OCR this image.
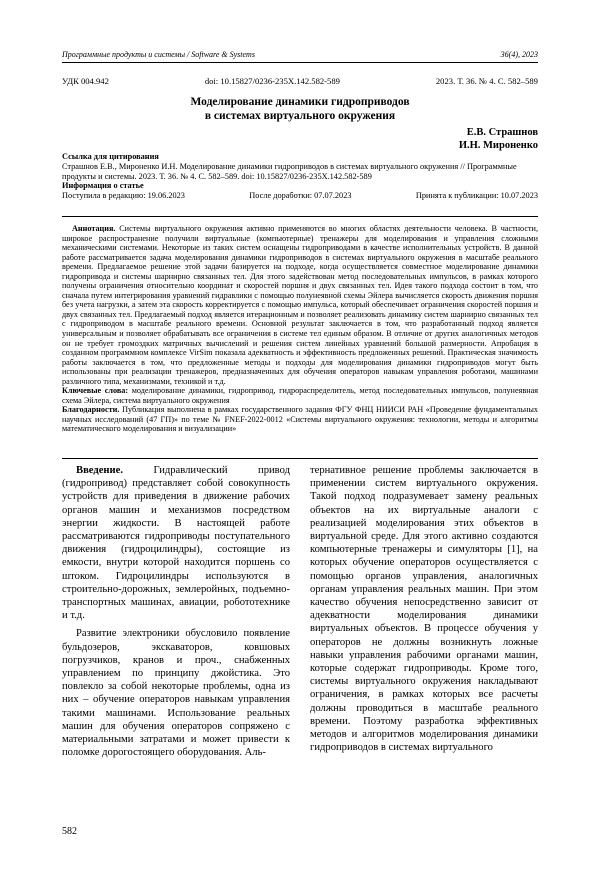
Программные продукты и системы / Software & Systems	36(4), 2023
УДК 004.942	doi: 10.15827/0236-235X.142.582-589	2023. Т. 36. № 4. С. 582–589
Моделирование динамики гидроприводов
в системах виртуального окружения
Е.В. Страшнов
И.Н. Мироненко
Ссылка для цитирования
Страшнов Е.В., Мироненко И.Н. Моделирование динамики гидроприводов в системах виртуального окружения // Программные продукты и системы. 2023. Т. 36. № 4. С. 582–589. doi: 10.15827/0236-235X.142.582-589
Информация о статье
Поступила в редакцию: 19.06.2023	После доработки: 07.07.2023	Принята к публикации: 10.07.2023

Аннотация. Системы виртуального окружения активно применяются во многих областях деятельности человека. В частности, широкое распространение получили виртуальные (компьютерные) тренажеры для моделирования и управления сложными механическими системами. Некоторые из таких систем оснащены гидроприводами в качестве исполнительных устройств. В данной работе рассматривается задача моделирования динамики гидроприводов в системах виртуального окружения в масштабе реального времени. Предлагаемое решение этой задачи базируется на подходе, когда осуществляется совместное моделирование динамики гидропривода и системы шарнирно связанных тел. Для этого задействован метод последовательных импульсов, в рамках которого получены ограничения относительно координат и скоростей поршня и двух связанных тел. Идея такого подхода состоит в том, что сначала путем интегрирования уравнений гидравлики с помощью полунеявной схемы Эйлера вычисляется скорость движения поршня без учета нагрузки, а затем эта скорость корректируется с помощью импульса, который обеспечивает ограничения скоростей поршня и двух связанных тел. Предлагаемый подход является итерационным и позволяет реализовать динамику систем шарнирно связанных тел с гидроприводом в масштабе реального времени. Основной результат заключается в том, что разработанный подход является универсальным и позволяет обрабатывать все ограничения в системе тел единым образом. В отличие от других аналогичных методов он не требует громоздких матричных вычислений и решения систем линейных уравнений большой размерности. Апробация в созданном программном комплексе VirSim показала адекватность и эффективность предложенных решений. Практическая значимость работы заключается в том, что предложенные методы и подходы для моделирования динамики гидроприводов могут быть использованы при реализации тренажеров, предназначенных для обучения операторов навыкам управления роботами, машинами различного типа, механизмами, техникой и т.д.

Ключевые слова: моделирование динамики, гидропривод, гидрораспределитель, метод последовательных импульсов, полунеявная схема Эйлера, система виртуального окружения

Благодарности. Публикация выполнена в рамках государственного задания ФГУ ФНЦ НИИСИ РАН «Проведение фундаментальных научных исследований (47 ГП)» по теме № FNEF-2022-0012 «Системы виртуального окружения: технологии, методы и алгоритмы математического моделирования и визуализации»

Введение. Гидравлический привод (гидропривод) представляет собой совокупность устройств для приведения в движение рабочих органов машин и механизмов посредством энергии жидкости. В настоящей работе рассматриваются гидроприводы поступательного движения (гидроцилиндры), состоящие из емкости, внутри которой находится поршень со штоком. Гидроцилиндры используются в строительно-дорожных, землеройных, подъемно-транспортных машинах, авиации, робототехнике и т.д.

Развитие электроники обусловило появление бульдозеров, экскаваторов, ковшовых погрузчиков, кранов и проч., снабженных управлением по принципу джойстика. Это повлекло за собой некоторые проблемы, одна из них – обучение операторов навыкам управления такими машинами. Использование реальных машин для обучения операторов сопряжено с материальными затратами и может привести к поломке дорогостоящего оборудования. Аль-

тернативное решение проблемы заключается в применении систем виртуального окружения. Такой подход подразумевает замену реальных объектов на их виртуальные аналоги с реализацией моделирования этих объектов в виртуальной среде. Для этого активно создаются компьютерные тренажеры и симуляторы [1], на которых обучение операторов осуществляется с помощью органов управления, аналогичных органам управления реальных машин. При этом качество обучения непосредственно зависит от адекватности моделирования динамики виртуальных объектов. В процессе обучения у операторов не должны возникнуть ложные навыки управления рабочими органами машин, которые содержат гидроприводы. Кроме того, системы виртуального окружения накладывают ограничения, в рамках которых все расчеты должны проводиться в масштабе реального времени. Поэтому разработка эффективных методов и алгоритмов моделирования динамики гидроприводов в системах виртуального

582
